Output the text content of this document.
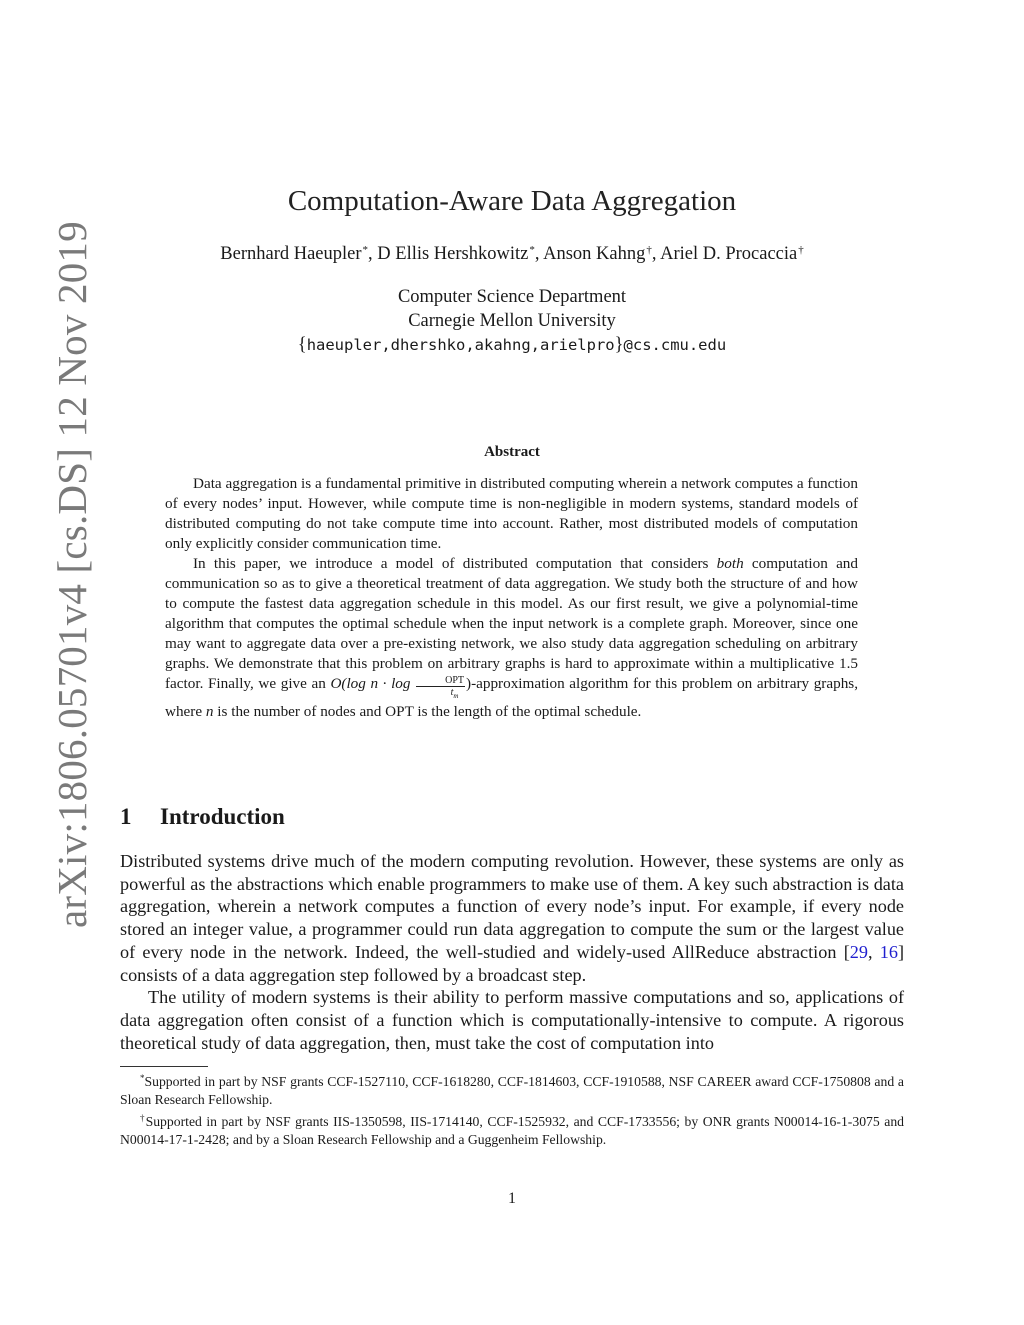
arXiv:1806.05701v4 [cs.DS] 12 Nov 2019
Computation-Aware Data Aggregation
Bernhard Haeupler*, D Ellis Hershkowitz*, Anson Kahng†, Ariel D. Procaccia†
Computer Science Department
Carnegie Mellon University
{haeupler,dhershko,akahng,arielpro}@cs.cmu.edu
Abstract

Data aggregation is a fundamental primitive in distributed computing wherein a network computes a function of every nodes’ input. However, while compute time is non-negligible in modern systems, standard models of distributed computing do not take compute time into account. Rather, most distributed models of computation only explicitly consider communication time.

In this paper, we introduce a model of distributed computation that considers both computation and communication so as to give a theoretical treatment of data aggregation. We study both the structure of and how to compute the fastest data aggregation schedule in this model. As our first result, we give a polynomial-time algorithm that computes the optimal schedule when the input network is a complete graph. Moreover, since one may want to aggregate data over a pre-existing network, we also study data aggregation scheduling on arbitrary graphs. We demonstrate that this problem on arbitrary graphs is hard to approximate within a multiplicative 1.5 factor. Finally, we give an O(log $n \cdot \log \frac{\text{OPT}}{t_m}$ )-approximation algorithm for this problem on arbitrary graphs, where n is the number of nodes and OPT is the length of the optimal schedule.

1 Introduction

Distributed systems drive much of the modern computing revolution. However, these systems are only as powerful as the abstractions which enable programmers to make use of them. A key such abstraction is data aggregation, wherein a network computes a function of every node’s input. For example, if every node stored an integer value, a programmer could run data aggregation to compute the sum or the largest value of every node in the network. Indeed, the well-studied and widely-used AllReduce abstraction [29, 16] consists of a data aggregation step followed by a broadcast step.

The utility of modern systems is their ability to perform massive computations and so, applications of data aggregation often consist of a function which is computationally-intensive to compute. A rigorous theoretical study of data aggregation, then, must take the cost of computation into

*Supported in part by NSF grants CCF-1527110, CCF-1618280, CCF-1814603, CCF-1910588, NSF CAREER award CCF-1750808 and a Sloan Research Fellowship.

†Supported in part by NSF grants IIS-1350598, IIS-1714140, CCF-1525932, and CCF-1733556; by ONR grants N00014-16-1-3075 and N00014-17-1-2428; and by a Sloan Research Fellowship and a Guggenheim Fellowship.

1
